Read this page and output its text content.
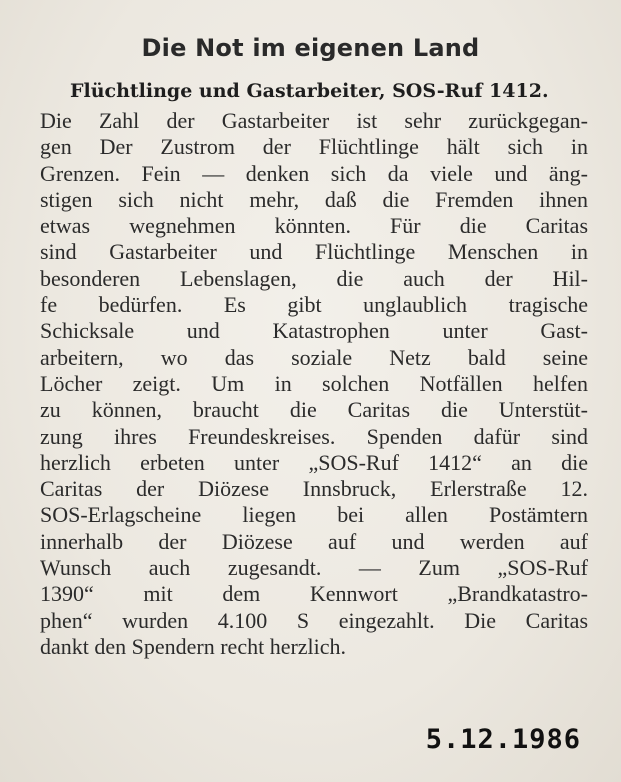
Die Not im eigenen Land
Flüchtlinge und Gastarbeiter, SOS-Ruf 1412.
Die Zahl der Gastarbeiter ist sehr zurückgegan-
gen Der Zustrom der Flüchtlinge hält sich in
Grenzen. Fein — denken sich da viele und äng-
stigen sich nicht mehr, daß die Fremden ihnen
etwas wegnehmen könnten. Für die Caritas
sind Gastarbeiter und Flüchtlinge Menschen in
besonderen Lebenslagen, die auch der Hil-
fe bedürfen. Es gibt unglaublich tragische
Schicksale und Katastrophen unter Gast-
arbeitern, wo das soziale Netz bald seine
Löcher zeigt. Um in solchen Notfällen helfen
zu können, braucht die Caritas die Unterstüt-
zung ihres Freundeskreises. Spenden dafür sind
herzlich erbeten unter „SOS-Ruf 1412“ an die
Caritas der Diözese Innsbruck, Erlerstraße 12.
SOS-Erlagscheine liegen bei allen Postämtern
innerhalb der Diözese auf und werden auf
Wunsch auch zugesandt. — Zum „SOS-Ruf
1390“ mit dem Kennwort „Brandkatastro-
phen“ wurden 4.100 S eingezahlt. Die Caritas
dankt den Spendern recht herzlich.
5.12.1986
